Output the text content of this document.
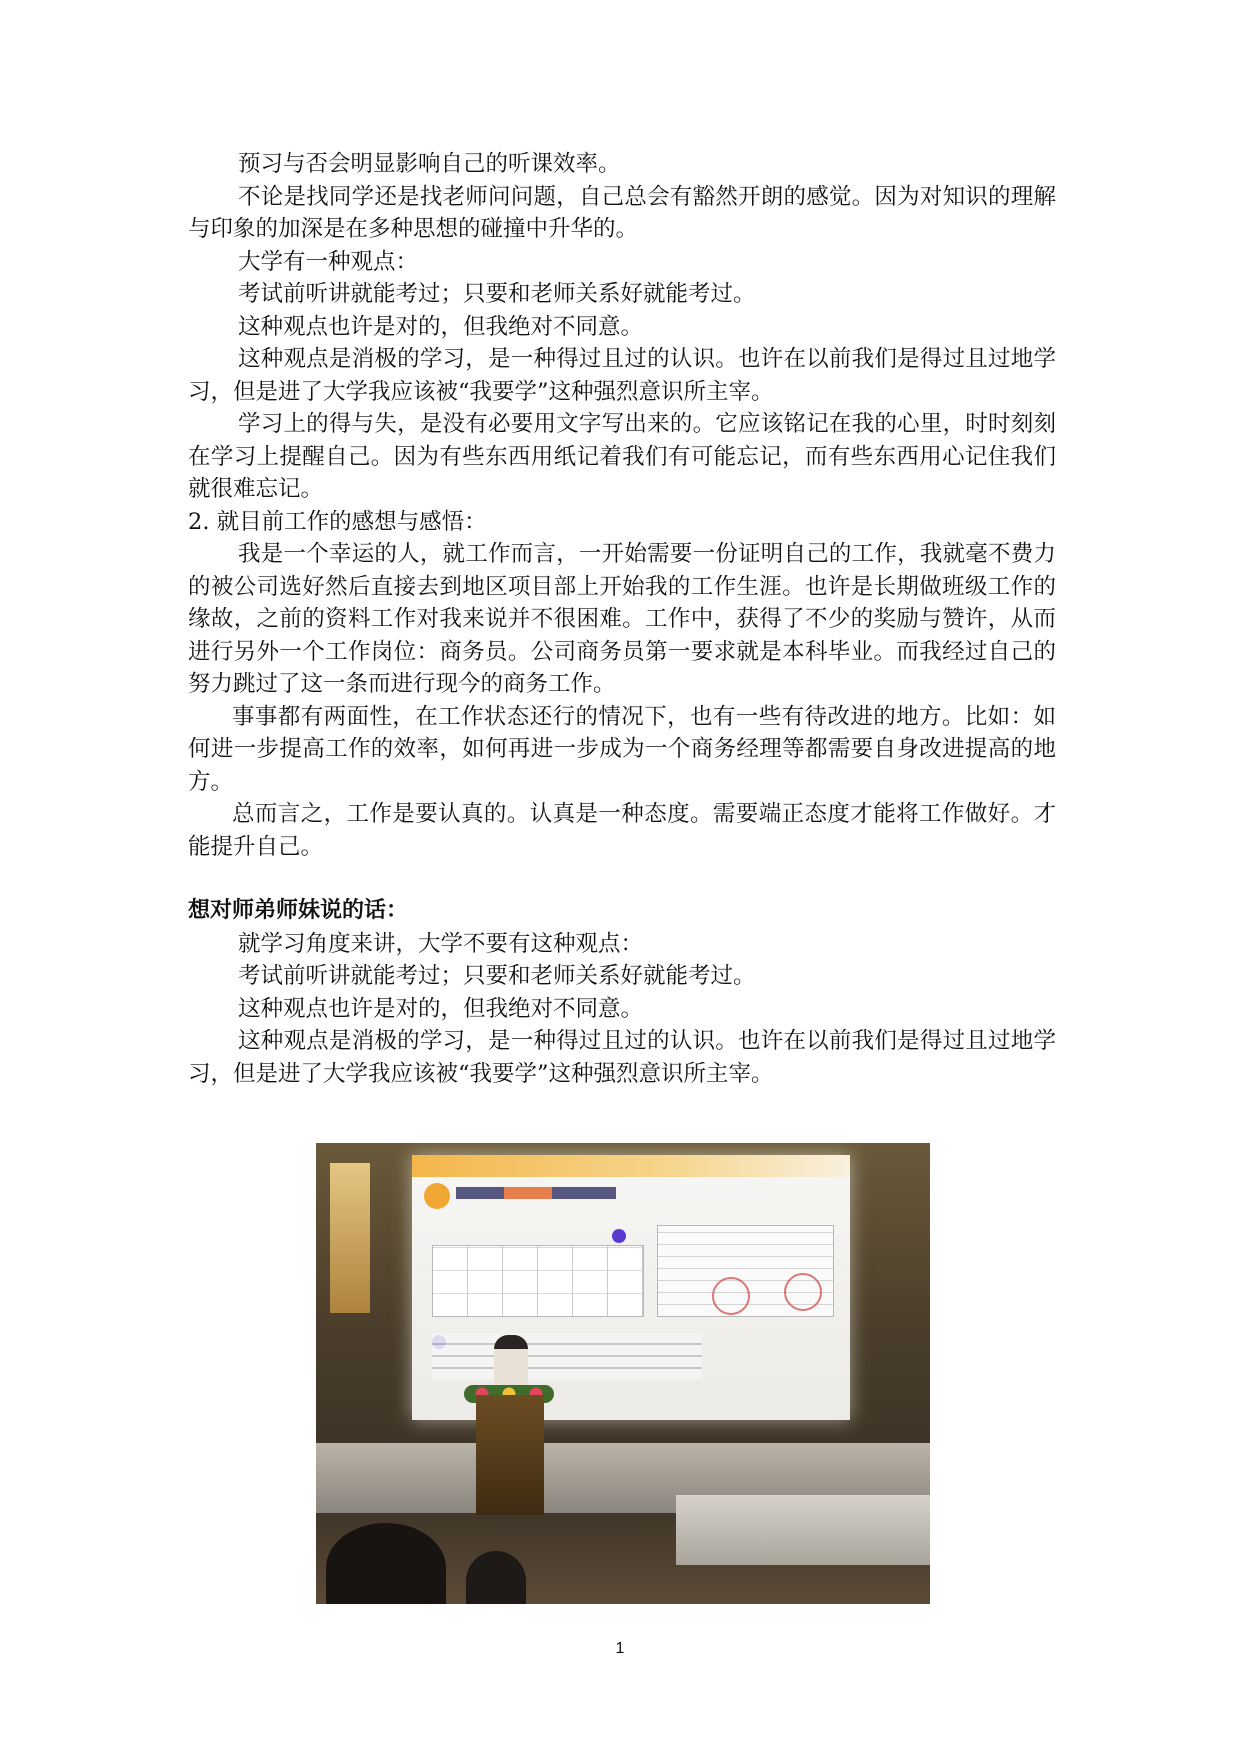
预习与否会明显影响自己的听课效率。

不论是找同学还是找老师问问题，自己总会有豁然开朗的感觉。因为对知识的理解与印象的加深是在多种思想的碰撞中升华的。

大学有一种观点：

考试前听讲就能考过；只要和老师关系好就能考过。

这种观点也许是对的，但我绝对不同意。

这种观点是消极的学习，是一种得过且过的认识。也许在以前我们是得过且过地学习，但是进了大学我应该被“我要学”这种强烈意识所主宰。

学习上的得与失，是没有必要用文字写出来的。它应该铭记在我的心里，时时刻刻在学习上提醒自己。因为有些东西用纸记着我们有可能忘记，而有些东西用心记住我们就很难忘记。

2. 就目前工作的感想与感悟：

我是一个幸运的人，就工作而言，一开始需要一份证明自己的工作，我就毫不费力的被公司选好然后直接去到地区项目部上开始我的工作生涯。也许是长期做班级工作的缘故，之前的资料工作对我来说并不很困难。工作中，获得了不少的奖励与赞许，从而进行另外一个工作岗位：商务员。公司商务员第一要求就是本科毕业。而我经过自己的努力跳过了这一条而进行现今的商务工作。

事事都有两面性，在工作状态还行的情况下，也有一些有待改进的地方。比如：如何进一步提高工作的效率，如何再进一步成为一个商务经理等都需要自身改进提高的地方。

总而言之，工作是要认真的。认真是一种态度。需要端正态度才能将工作做好。才能提升自己。

想对师弟师妹说的话：

就学习角度来讲，大学不要有这种观点：

考试前听讲就能考过；只要和老师关系好就能考过。

这种观点也许是对的，但我绝对不同意。

这种观点是消极的学习，是一种得过且过的认识。也许在以前我们是得过且过地学习，但是进了大学我应该被“我要学”这种强烈意识所主宰。

1
